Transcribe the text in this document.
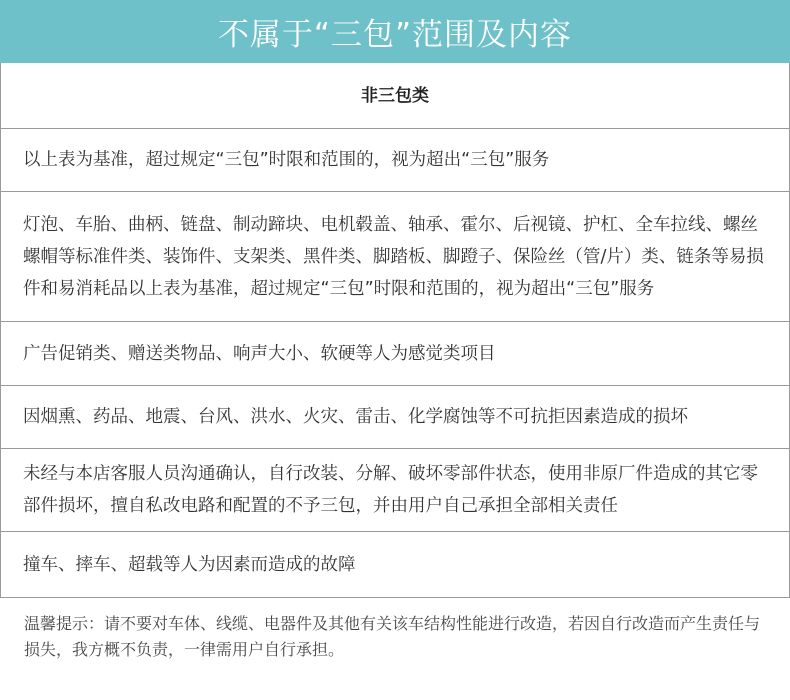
不属于“三包”范围及内容
非三包类
以上表为基准，超过规定“三包”时限和范围的，视为超出“三包”服务
灯泡、车胎、曲柄、链盘、制动蹄块、电机毂盖、轴承、霍尔、后视镜、护杠、全车拉线、螺丝螺帽等标准件类、装饰件、支架类、黑件类、脚踏板、脚蹬子、保险丝（管/片）类、链条等易损件和易消耗品以上表为基准，超过规定“三包”时限和范围的，视为超出“三包”服务
广告促销类、赠送类物品、响声大小、软硬等人为感觉类项目
因烟熏、药品、地震、台风、洪水、火灾、雷击、化学腐蚀等不可抗拒因素造成的损坏
未经与本店客服人员沟通确认，自行改装、分解、破坏零部件状态，使用非原厂件造成的其它零部件损坏，擅自私改电路和配置的不予三包，并由用户自己承担全部相关责任
撞车、摔车、超载等人为因素而造成的故障
温馨提示：请不要对车体、线缆、电器件及其他有关该车结构性能进行改造，若因自行改造而产生责任与损失，我方概不负责，一律需用户自行承担。
